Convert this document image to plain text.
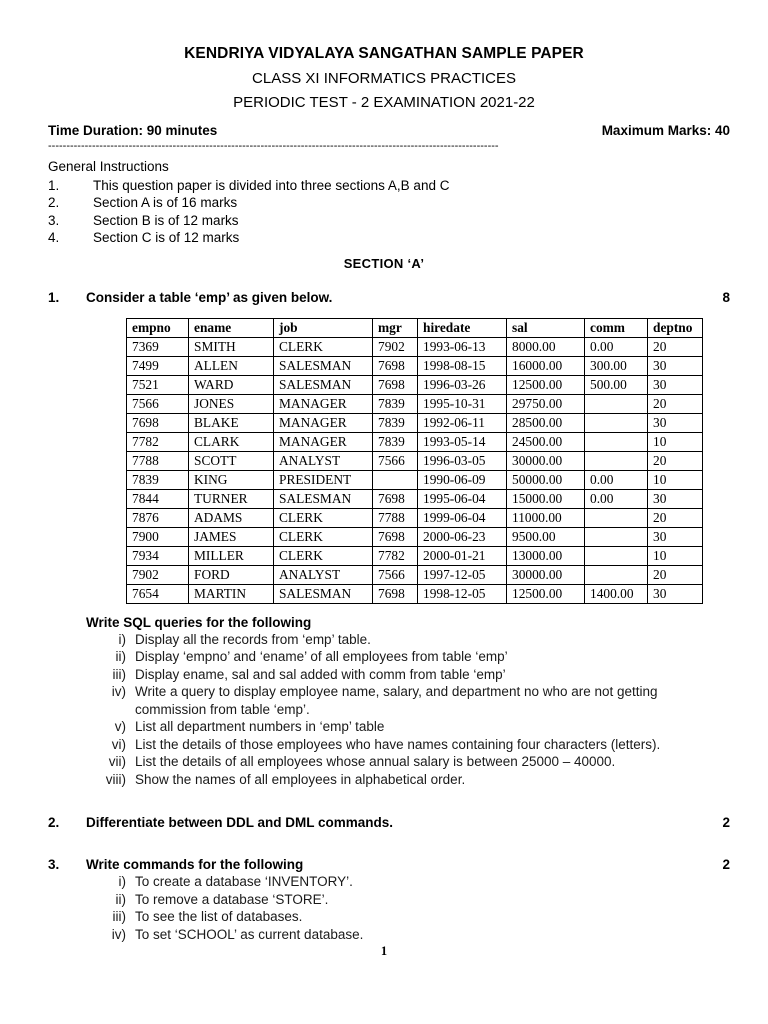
KENDRIYA VIDYALAYA SANGATHAN SAMPLE PAPER
CLASS XI INFORMATICS PRACTICES
PERIODIC TEST - 2 EXAMINATION 2021-22
Time Duration: 90 minutes	Maximum Marks: 40
---------------------------------------------------------------------------------------------------------------------------
General Instructions
1.	This question paper is divided into three sections A,B and C
2.	Section A is of 16 marks
3.	Section B is of 12 marks
4.	Section C is of 12 marks
SECTION ‘A’
1.	Consider a table ‘emp’ as given below.	8
empno	ename	job	mgr	hiredate	sal	comm	deptno
7369	SMITH	CLERK	7902	1993-06-13	8000.00	0.00	20
7499	ALLEN	SALESMAN	7698	1998-08-15	16000.00	300.00	30
7521	WARD	SALESMAN	7698	1996-03-26	12500.00	500.00	30
7566	JONES	MANAGER	7839	1995-10-31	29750.00		20
7698	BLAKE	MANAGER	7839	1992-06-11	28500.00		30
7782	CLARK	MANAGER	7839	1993-05-14	24500.00		10
7788	SCOTT	ANALYST	7566	1996-03-05	30000.00		20
7839	KING	PRESIDENT		1990-06-09	50000.00	0.00	10
7844	TURNER	SALESMAN	7698	1995-06-04	15000.00	0.00	30
7876	ADAMS	CLERK	7788	1999-06-04	11000.00		20
7900	JAMES	CLERK	7698	2000-06-23	9500.00		30
7934	MILLER	CLERK	7782	2000-01-21	13000.00		10
7902	FORD	ANALYST	7566	1997-12-05	30000.00		20
7654	MARTIN	SALESMAN	7698	1998-12-05	12500.00	1400.00	30
Write SQL queries for the following
i) Display all the records from ‘emp’ table.
ii) Display ‘empno’ and ‘ename’ of all employees from table ‘emp’
iii) Display ename, sal and sal added with comm from table ‘emp’
iv) Write a query to display employee name, salary, and department no who are not getting commission from table ‘emp’.
v) List all department numbers in ‘emp’ table
vi) List the details of those employees who have names containing four characters (letters).
vii) List the details of all employees whose annual salary is between 25000 – 40000.
viii) Show the names of all employees in alphabetical order.
2.	Differentiate between DDL and DML commands.	2
3.	Write commands for the following	2
i) To create a database ‘INVENTORY’.
ii) To remove a database ‘STORE’.
iii) To see the list of databases.
iv) To set ‘SCHOOL’ as current database.
1
